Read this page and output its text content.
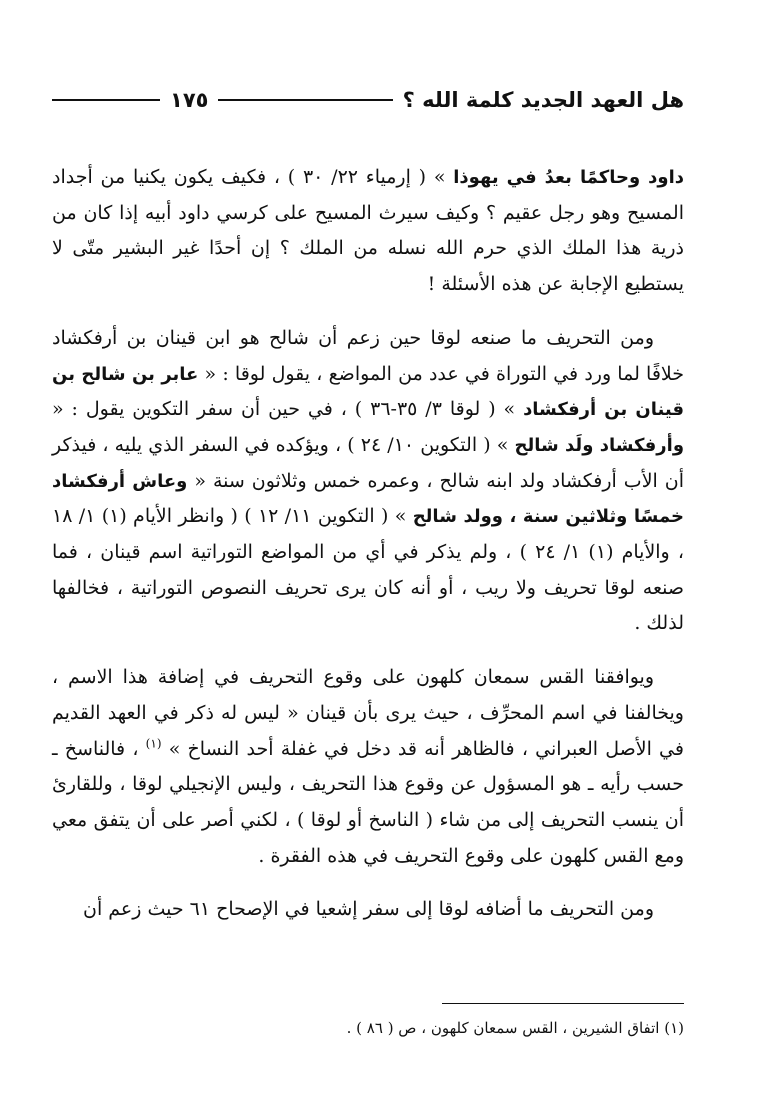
هل العهد الجديد كلمة الله ؟
١٧٥

داود وحاكمًا بعدُ في يهوذا » ( إرمياء ٢٢/ ٣٠ ) ، فكيف يكون يكنيا من أجداد المسيح وهو رجل عقيم ؟ وكيف سيرث المسيح على كرسي داود أبيه إذا كان من ذرية هذا الملك الذي حرم الله نسله من الملك ؟ إن أحدًا غير البشير متّى لا يستطيع الإجابة عن هذه الأسئلة !

ومن التحريف ما صنعه لوقا حين زعم أن شالح هو ابن قينان بن أرفكشاد خلافًا لما ورد في التوراة في عدد من المواضع ، يقول لوقا : « عابر بن شالح بن قينان بن أرفكشاد » ( لوقا ٣/ ٣٥-٣٦ ) ، في حين أن سفر التكوين يقول : « وأرفكشاد ولَد شالح » ( التكوين ١٠/ ٢٤ ) ، ويؤكده في السفر الذي يليه ، فيذكر أن الأب أرفكشاد ولد ابنه شالح ، وعمره خمس وثلاثون سنة « وعاش أرفكشاد خمسًا وثلاثين سنة ، وولد شالح » ( التكوين ١١/ ١٢ ) ( وانظر الأيام (١) ١/ ١٨ ، والأيام (١) ١/ ٢٤ ) ، ولم يذكر في أي من المواضع التوراتية اسم قينان ، فما صنعه لوقا تحريف ولا ريب ، أو أنه كان يرى تحريف النصوص التوراتية ، فخالفها لذلك .

ويوافقنا القس سمعان كلهون على وقوع التحريف في إضافة هذا الاسم ، ويخالفنا في اسم المحرِّف ، حيث يرى بأن قينان « ليس له ذكر في العهد القديم في الأصل العبراني ، فالظاهر أنه قد دخل في غفلة أحد النساخ » $^{(١)}$ ، فالناسخ ـ حسب رأيه ـ هو المسؤول عن وقوع هذا التحريف ، وليس الإنجيلي لوقا ، وللقارئ أن ينسب التحريف إلى من شاء ( الناسخ أو لوقا ) ، لكني أصر على أن يتفق معي ومع القس كلهون على وقوع التحريف في هذه الفقرة .

ومن التحريف ما أضافه لوقا إلى سفر إشعيا في الإصحاح ٦١ حيث زعم أن

(١) اتفاق الشيرين ، القس سمعان كلهون ، ص ( ٨٦ ) .
